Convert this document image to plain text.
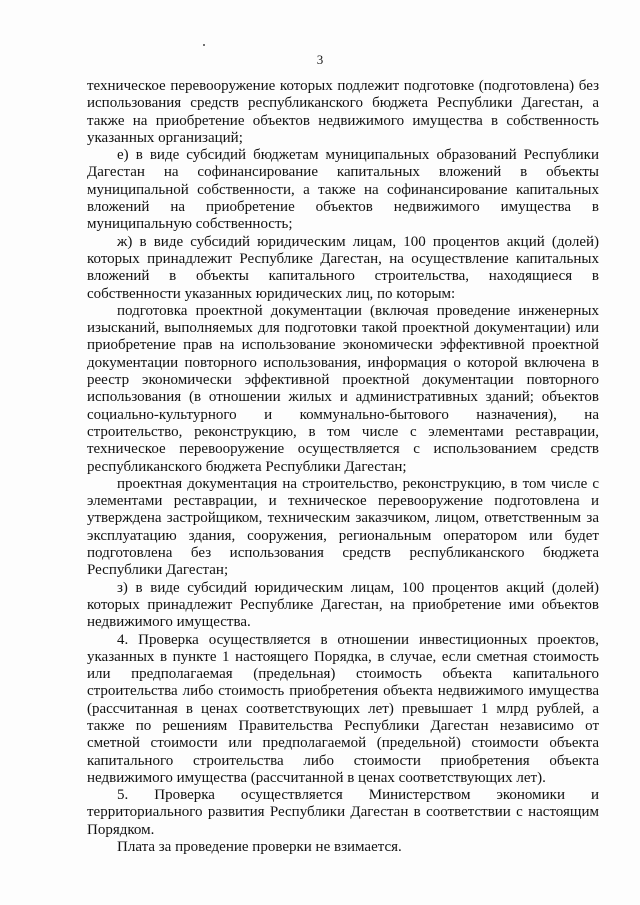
3

техническое перевооружение которых подлежит подготовке (подготовлена) без использования средств республиканского бюджета Республики Дагестан, а также на приобретение объектов недвижимого имущества в собственность указанных организаций;

е) в виде субсидий бюджетам муниципальных образований Республики Дагестан на софинансирование капитальных вложений в объекты муниципальной собственности, а также на софинансирование капитальных вложений на приобретение объектов недвижимого имущества в муниципальную собственность;

ж) в виде субсидий юридическим лицам, 100 процентов акций (долей) которых принадлежит Республике Дагестан, на осуществление капитальных вложений в объекты капитального строительства, находящиеся в собственности указанных юридических лиц, по которым:

подготовка проектной документации (включая проведение инженерных изысканий, выполняемых для подготовки такой проектной документации) или приобретение прав на использование экономически эффективной проектной документации повторного использования, информация о которой включена в реестр экономически эффективной проектной документации повторного использования (в отношении жилых и административных зданий; объектов социально-культурного и коммунально-бытового назначения), на строительство, реконструкцию, в том числе с элементами реставрации, техническое перевооружение осуществляется с использованием средств республиканского бюджета Республики Дагестан;

проектная документация на строительство, реконструкцию, в том числе с элементами реставрации, и техническое перевооружение подготовлена и утверждена застройщиком, техническим заказчиком, лицом, ответственным за эксплуатацию здания, сооружения, региональным оператором или будет подготовлена без использования средств республиканского бюджета Республики Дагестан;

з) в виде субсидий юридическим лицам, 100 процентов акций (долей) которых принадлежит Республике Дагестан, на приобретение ими объектов недвижимого имущества.

4. Проверка осуществляется в отношении инвестиционных проектов, указанных в пункте 1 настоящего Порядка, в случае, если сметная стоимость или предполагаемая (предельная) стоимость объекта капитального строительства либо стоимость приобретения объекта недвижимого имущества (рассчитанная в ценах соответствующих лет) превышает 1 млрд рублей, а также по решениям Правительства Республики Дагестан независимо от сметной стоимости или предполагаемой (предельной) стоимости объекта капитального строительства либо стоимости приобретения объекта недвижимого имущества (рассчитанной в ценах соответствующих лет).

5. Проверка осуществляется Министерством экономики и территориального развития Республики Дагестан в соответствии с настоящим Порядком.

Плата за проведение проверки не взимается.
